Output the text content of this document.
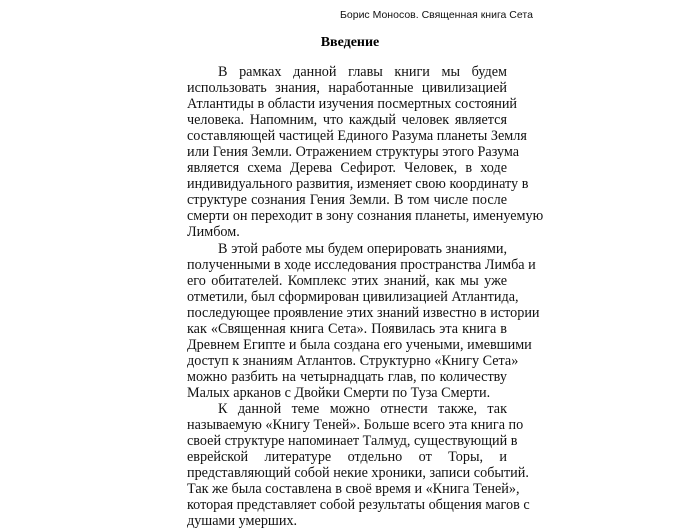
Борис Моносов. Священная книга Сета
Введение
В рамках данной главы книги мы будем
использовать знания, наработанные цивилизацией
Атлантиды в области изучения посмертных состояний
человека. Напомним, что каждый человек является
составляющей частицей Единого Разума планеты Земля
или Гения Земли. Отражением структуры этого Разума
является схема Дерева Сефирот. Человек, в ходе
индивидуального развития, изменяет свою координату в
структуре сознания Гения Земли. В том числе после
смерти он переходит в зону сознания планеты, именуемую
Лимбом.
В этой работе мы будем оперировать знаниями,
полученными в ходе исследования пространства Лимба и
его обитателей. Комплекс этих знаний, как мы уже
отметили, был сформирован цивилизацией Атлантида,
последующее проявление этих знаний известно в истории
как «Священная книга Сета». Появилась эта книга в
Древнем Египте и была создана его учеными, имевшими
доступ к знаниям Атлантов. Структурно «Книгу Сета»
можно разбить на четырнадцать глав, по количеству
Малых арканов с Двойки Смерти по Туза Смерти.
К данной теме можно отнести также, так
называемую «Книгу Теней». Больше всего эта книга по
своей структуре напоминает Талмуд, существующий в
еврейской литературе отдельно от Торы, и
представляющий собой некие хроники, записи событий.
Так же была составлена в своё время и «Книга Теней»,
которая представляет собой результаты общения магов с
душами умерших.
